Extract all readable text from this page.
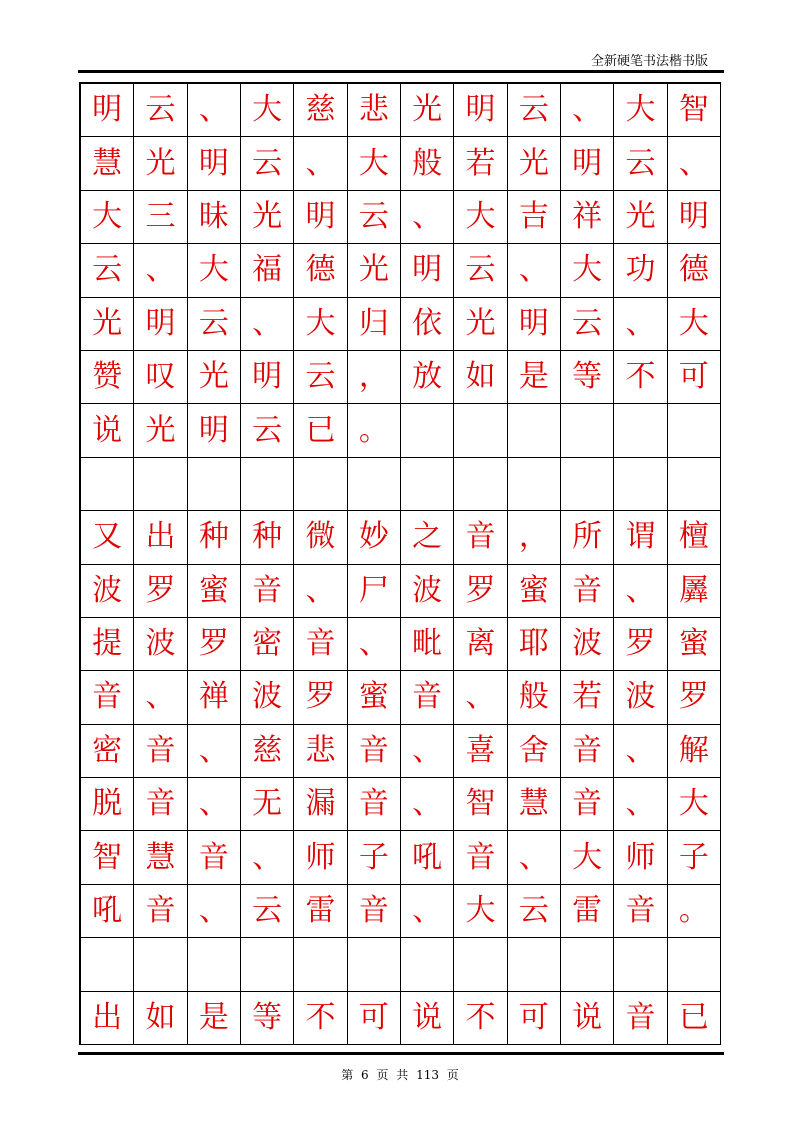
全新硬笔书法楷书版
明 云 、 大 慈 悲 光 明 云 、 大 智
慧 光 明 云 、 大 般 若 光 明 云 、
大 三 昧 光 明 云 、 大 吉 祥 光 明
云 、 大 福 德 光 明 云 、 大 功 德
光 明 云 、 大 归 依 光 明 云 、 大
赞 叹 光 明 云 ， 放 如 是 等 不 可
说 光 明 云 已 。
又 出 种 种 微 妙 之 音 ， 所 谓 檀
波 罗 蜜 音 、 尸 波 罗 蜜 音 、 羼
提 波 罗 密 音 、 毗 离 耶 波 罗 蜜
音 、 禅 波 罗 蜜 音 、 般 若 波 罗
密 音 、 慈 悲 音 、 喜 舍 音 、 解
脱 音 、 无 漏 音 、 智 慧 音 、 大
智 慧 音 、 师 子 吼 音 、 大 师 子
吼 音 、 云 雷 音 、 大 云 雷 音 。
出 如 是 等 不 可 说 不 可 说 音 已
第 6 页 共 113 页
